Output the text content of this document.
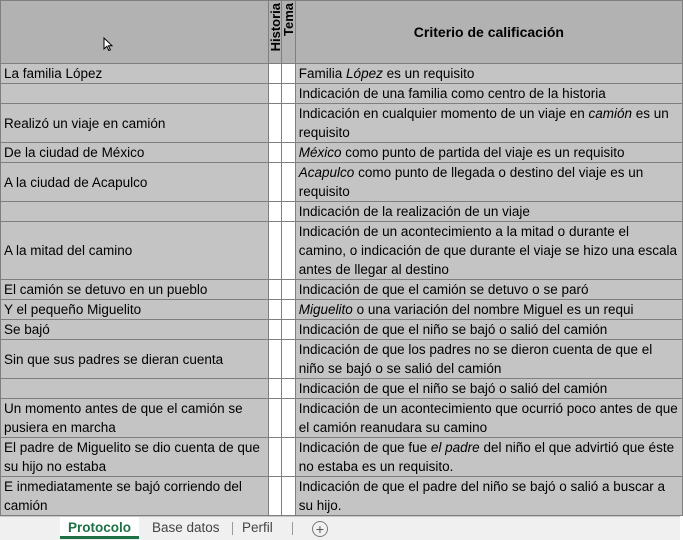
	Historia	Tema	Criterio de calificación
La familia López			Familia López es un requisito
			Indicación de una familia como centro de la historia
Realizó un viaje en camión			Indicación en cualquier momento de un viaje en camión es un requisito
De la ciudad de México			México como punto de partida del viaje es un requisito
A la ciudad de Acapulco			Acapulco como punto de llegada o destino del viaje es un requisito
			Indicación de la realización de un viaje
A la mitad del camino			Indicación de un acontecimiento a la mitad o durante el camino, o indicación de que durante el viaje se hizo una escala antes de llegar al destino
El camión se detuvo en un pueblo			Indicación de que el camión se detuvo o se paró
Y el pequeño Miguelito			Miguelito o una variación del nombre Miguel es un requi
Se bajó			Indicación de que el niño se bajó o salió del camión
Sin que sus padres se dieran cuenta			Indicación de que los padres no se dieron cuenta de que el niño se bajó o se salió del camión
			Indicación de que el niño se bajó o salió del camión
Un momento antes de que el camión se pusiera en marcha			Indicación de un acontecimiento que ocurrió poco antes de que el camión reanudara su camino
El padre de Miguelito se dio cuenta de que su hijo no estaba			Indicación de que fue el padre del niño el que advirtió que éste no estaba es un requisito.
E inmediatamente se bajó corriendo del camión			Indicación de que el padre del niño se bajó o salió a buscar a su hijo.
Protocolo	Base datos Perfil	+
